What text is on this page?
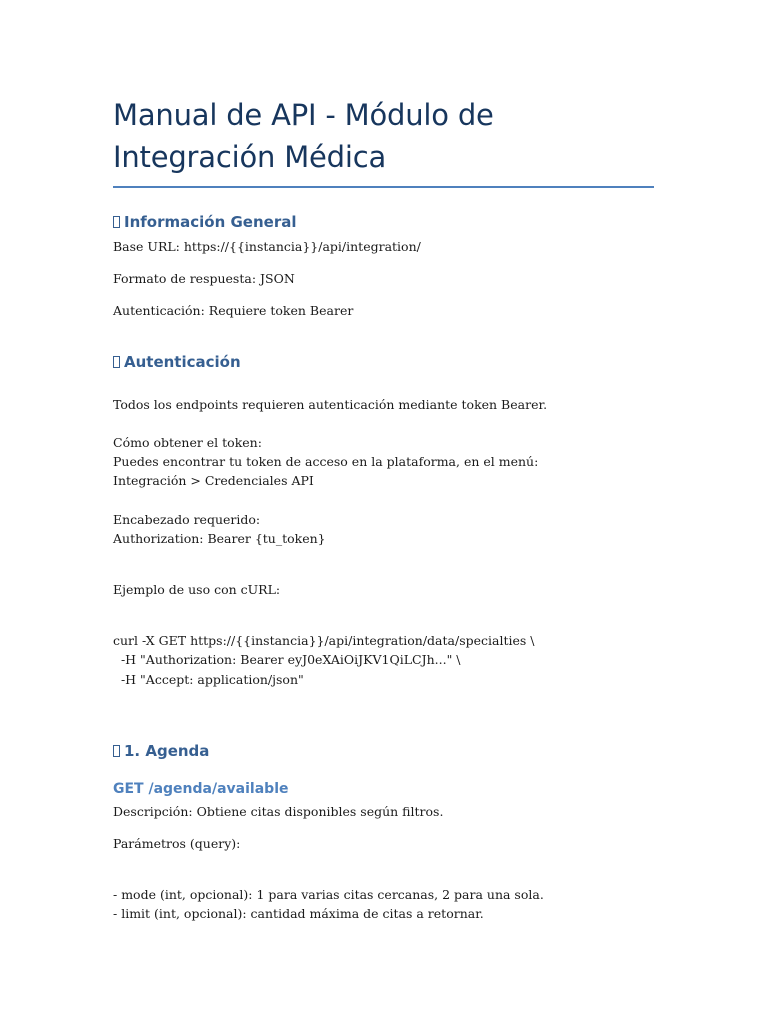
Manual de API - Módulo de Integración Médica
Información General

Base URL: https://{{instancia}}/api/integration/

Formato de respuesta: JSON

Autenticación: Requiere token Bearer

Autenticación

Todos los endpoints requieren autenticación mediante token Bearer.

Cómo obtener el token:

Puedes encontrar tu token de acceso en la plataforma, en el menú:

Integración > Credenciales API

Encabezado requerido:

Authorization: Bearer {tu_token}

Ejemplo de uso con cURL:

curl -X GET https://{{instancia}}/api/integration/data/specialties \

-H "Authorization: Bearer eyJ0eXAiOiJKV1QiLCJh..." \

-H "Accept: application/json"

1. Agenda
GET /agenda/available

Descripción: Obtiene citas disponibles según filtros.

Parámetros (query):

- mode (int, opcional): 1 para varias citas cercanas, 2 para una sola.

- limit (int, opcional): cantidad máxima de citas a retornar.
